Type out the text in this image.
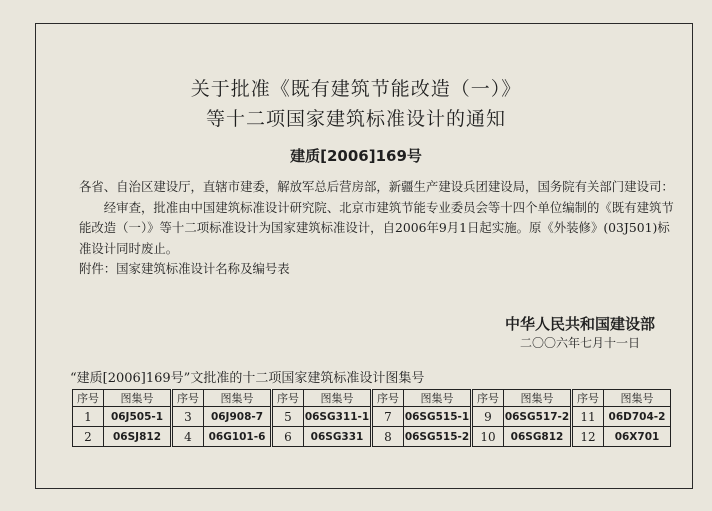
关于批准《既有建筑节能改造（一）》
等十二项国家建筑标准设计的通知
建质[2006]169号

各省、自治区建设厅，直辖市建委，解放军总后营房部，新疆生产建设兵团建设局，国务院有关部门建设司：

经审查，批准由中国建筑标准设计研究院、北京市建筑节能专业委员会等十四个单位编制的《既有建筑节能改造（一）》等十二项标准设计为国家建筑标准设计，自2006年9月1日起实施。原《外装修》(03J501)标准设计同时废止。

附件：国家建筑标准设计名称及编号表

中华人民共和国建设部
二〇〇六年七月十一日
“建质[2006]169号”文批准的十二项国家建筑标准设计图集号
序号	图集号	序号	图集号	序号	图集号	序号	图集号	序号	图集号	序号	图集号
1	06J505-1	3	06J908-7	5	06SG311-1	7	06SG515-1	9	06SG517-2	11	06D704-2
2	06SJ812	4	06G101-6	6	06SG331	8	06SG515-2	10	06SG812	12	06X701
